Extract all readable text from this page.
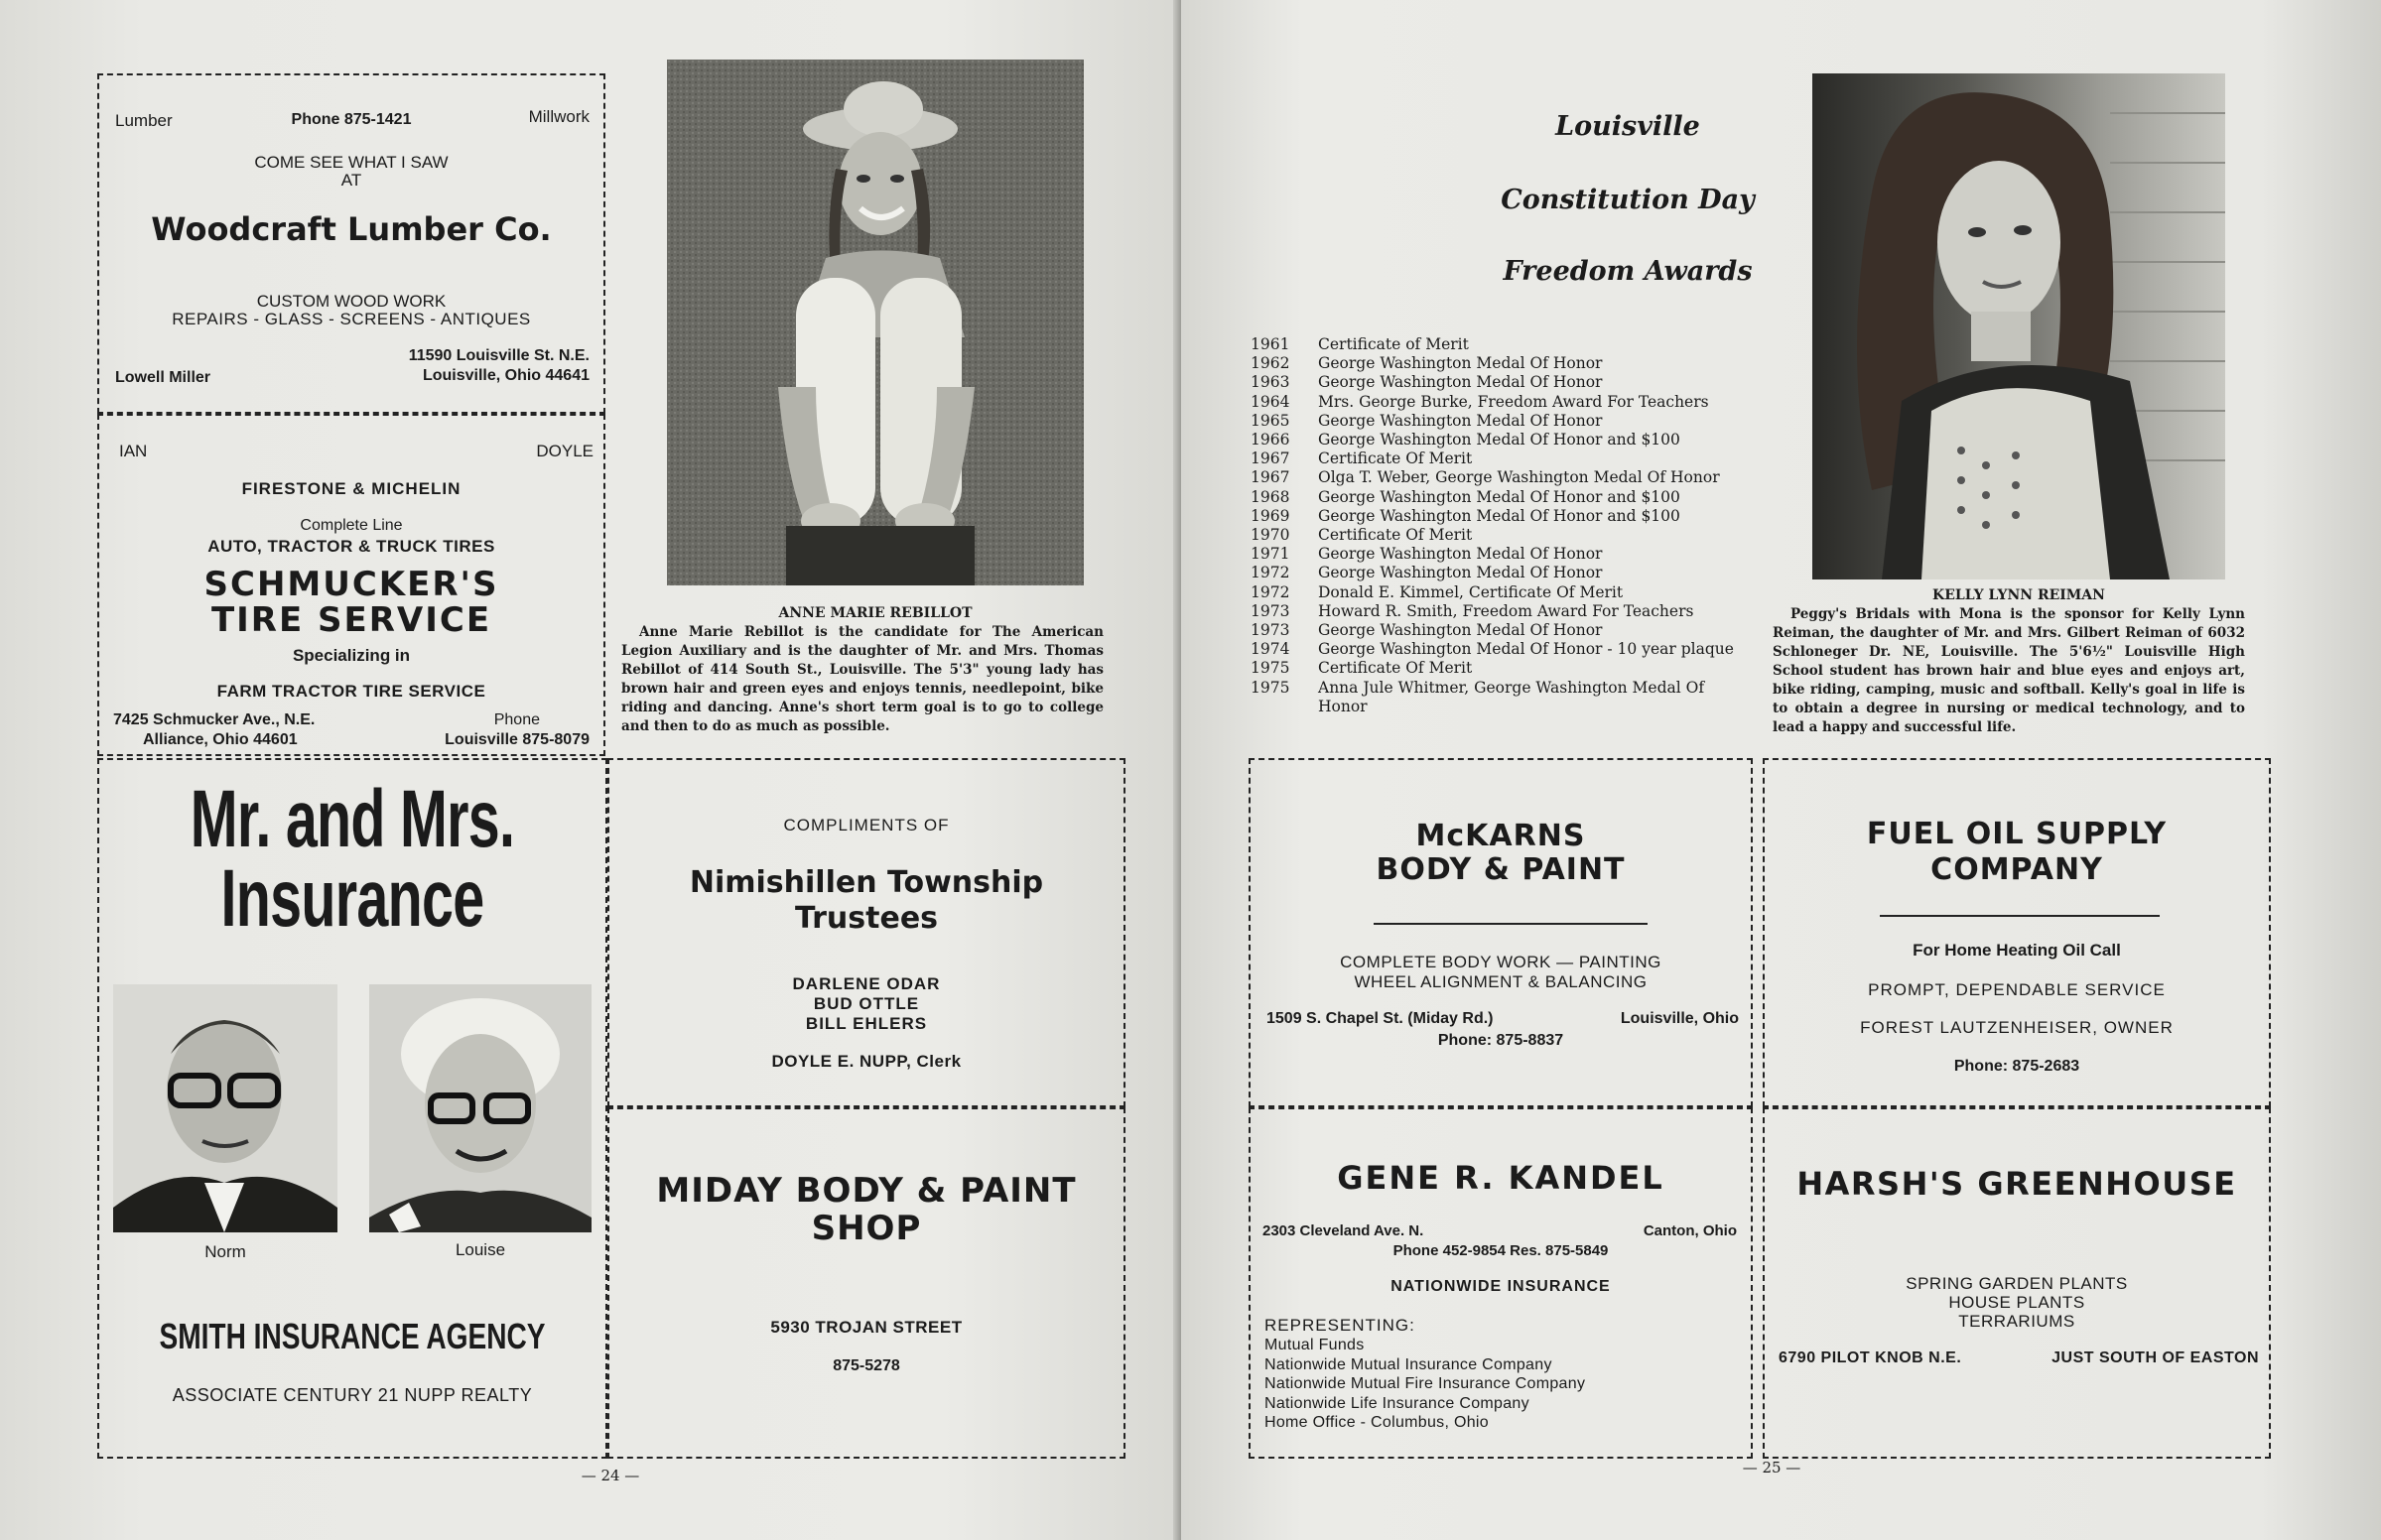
Lumber	Phone 875-1421	Millwork
COME SEE WHAT I SAW
AT
Woodcraft Lumber Co.
CUSTOM WOOD WORK
REPAIRS - GLASS - SCREENS - ANTIQUES
11590 Louisville St. N.E.
Lowell Miller	Louisville, Ohio 44641
IAN	DOYLE
FIRESTONE & MICHELIN
Complete Line
AUTO, TRACTOR & TRUCK TIRES
SCHMUCKER'S
TIRE SERVICE
Specializing in
FARM TRACTOR TIRE SERVICE
7425 Schmucker Ave., N.E.	Phone
Alliance, Ohio 44601	Louisville 875-8079
ANNE MARIE REBILLOT
Anne Marie Rebillot is the candidate for The American Legion Auxiliary and is the daughter of Mr. and Mrs. Thomas Rebillot of 414 South St., Louisville. The 5'3" young lady has brown hair and green eyes and enjoys tennis, needlepoint, bike riding and dancing. Anne's short term goal is to go to college and then to do as much as possible.
Mr. and Mrs.
Insurance
Norm	Louise
SMITH INSURANCE AGENCY
ASSOCIATE CENTURY 21 NUPP REALTY
COMPLIMENTS OF
Nimishillen Township
Trustees
DARLENE ODAR
BUD OTTLE
BILL EHLERS
DOYLE E. NUPP, Clerk
MIDAY BODY & PAINT
SHOP
5930 TROJAN STREET
875-5278
— 24 —
Louisville
Constitution Day
Freedom Awards
1961	Certificate of Merit
1962	George Washington Medal Of Honor
1963	George Washington Medal Of Honor
1964	Mrs. George Burke, Freedom Award For Teachers
1965	George Washington Medal Of Honor
1966	George Washington Medal Of Honor and $100
1967	Certificate Of Merit
1967	Olga T. Weber, George Washington Medal Of Honor
1968	George Washington Medal Of Honor and $100
1969	George Washington Medal Of Honor and $100
1970	Certificate Of Merit
1971	George Washington Medal Of Honor
1972	George Washington Medal Of Honor
1972	Donald E. Kimmel, Certificate Of Merit
1973	Howard R. Smith, Freedom Award For Teachers
1973	George Washington Medal Of Honor
1974	George Washington Medal Of Honor - 10 year plaque
1975	Certificate Of Merit
1975	Anna Jule Whitmer, George Washington Medal Of Honor
KELLY LYNN REIMAN
Peggy's Bridals with Mona is the sponsor for Kelly Lynn Reiman, the daughter of Mr. and Mrs. Gilbert Reiman of 6032 Schloneger Dr. NE, Louisville. The 5'6½" Louisville High School student has brown hair and blue eyes and enjoys art, bike riding, camping, music and softball. Kelly's goal in life is to obtain a degree in nursing or medical technology, and to lead a happy and successful life.
McKARNS
BODY & PAINT
COMPLETE BODY WORK — PAINTING
WHEEL ALIGNMENT & BALANCING
1509 S. Chapel St. (Miday Rd.)	Louisville, Ohio
Phone: 875-8837
FUEL OIL SUPPLY
COMPANY
For Home Heating Oil Call
PROMPT, DEPENDABLE SERVICE
FOREST LAUTZENHEISER, OWNER
Phone: 875-2683
GENE R. KANDEL
2303 Cleveland Ave. N.	Canton, Ohio
Phone 452-9854 Res. 875-5849
NATIONWIDE INSURANCE
REPRESENTING:
Mutual Funds
Nationwide Mutual Insurance Company
Nationwide Mutual Fire Insurance Company
Nationwide Life Insurance Company
Home Office - Columbus, Ohio
HARSH'S GREENHOUSE
SPRING GARDEN PLANTS
HOUSE PLANTS
TERRARIUMS
6790 PILOT KNOB N.E.	JUST SOUTH OF EASTON
— 25 —
